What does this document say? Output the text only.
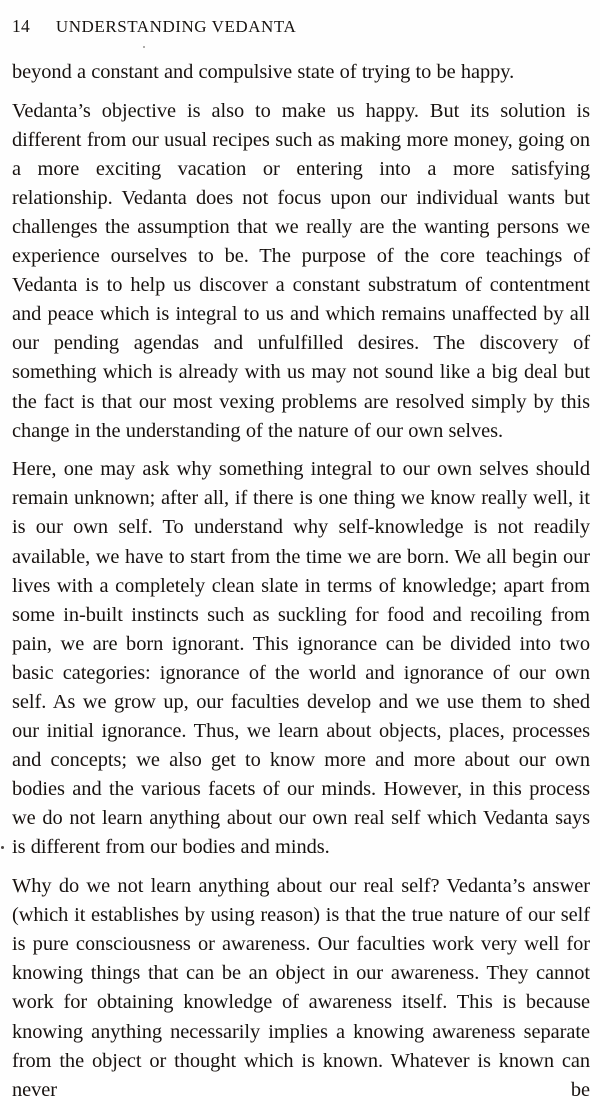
14 UNDERSTANDING VEDANTA

beyond a constant and compulsive state of trying to be happy.

Vedanta’s objective is also to make us happy. But its solution is different from our usual recipes such as making more money, going on a more exciting vacation or entering into a more satisfying relationship. Vedanta does not focus upon our individual wants but challenges the assumption that we really are the wanting persons we experience ourselves to be. The purpose of the core teachings of Vedanta is to help us discover a constant substratum of contentment and peace which is integral to us and which remains unaffected by all our pending agendas and unfulfilled desires. The discovery of something which is already with us may not sound like a big deal but the fact is that our most vexing problems are resolved simply by this change in the understanding of the nature of our own selves.

Here, one may ask why something integral to our own selves should remain unknown; after all, if there is one thing we know really well, it is our own self. To understand why self-knowledge is not readily available, we have to start from the time we are born. We all begin our lives with a completely clean slate in terms of knowledge; apart from some in-built instincts such as suckling for food and recoiling from pain, we are born ignorant. This ignorance can be divided into two basic categories: ignorance of the world and ignorance of our own self. As we grow up, our faculties develop and we use them to shed our initial ignorance. Thus, we learn about objects, places, processes and concepts; we also get to know more and more about our own bodies and the various facets of our minds. However, in this process we do not learn anything about our own real self which Vedanta says is different from our bodies and minds.

Why do we not learn anything about our real self? Vedanta’s answer (which it establishes by using reason) is that the true nature of our self is pure consciousness or awareness. Our faculties work very well for knowing things that can be an object in our awareness. They cannot work for obtaining knowledge of awareness itself. This is because knowing anything necessarily implies a knowing awareness separate from the object or thought which is known. Whatever is known can never be
